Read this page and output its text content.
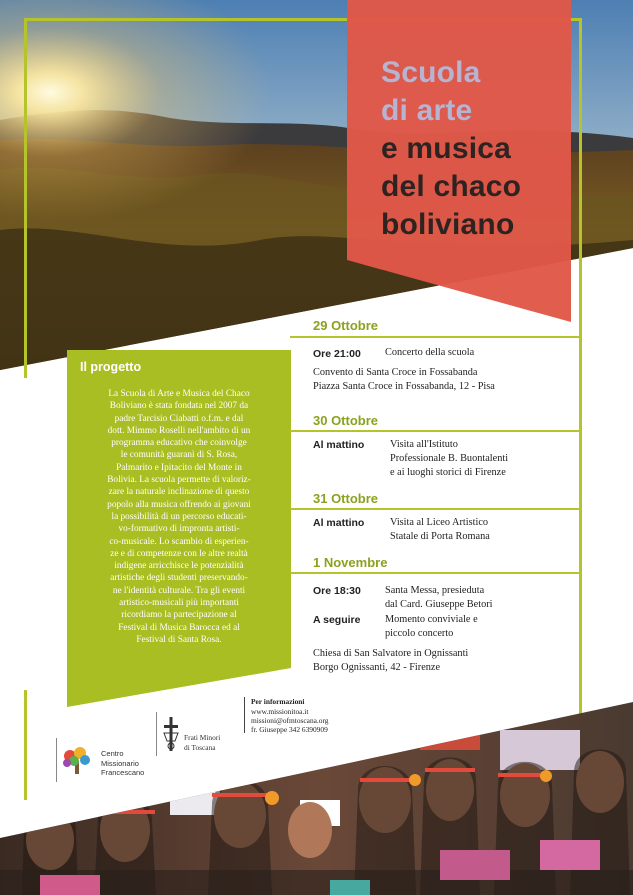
Scuola
di arte
e musica
del chaco
boliviano
Il progetto
La Scuola di Arte e Musica del Chaco
Boliviano è stata fondata nel 2007 da
padre Tarcisio Ciabatti o.f.m. e dal
dott. Mimmo Roselli nell'ambito di un
programma educativo che coinvolge
le comunità guaranì di S. Rosa,
Palmarito e Ipitacito del Monte in
Bolivia. La scuola permette di valoriz-
zare la naturale inclinazione di questo
popolo alla musica offrendo ai giovani
la possibilità di un percorso educati-
vo-formativo di impronta artisti-
co-musicale. Lo scambio di esperien-
ze e di competenze con le altre realtà
indigene arricchisce le potenzialità
artistiche degli studenti preservando-
ne l'identità culturale. Tra gli eventi
artistico-musicali più importanti
ricordiamo la partecipazione al
Festival di Musica Barocca ed al
Festival di Santa Rosa.
29 Ottobre
Ore 21:00 Concerto della scuola
Convento di Santa Croce in Fossabanda
Piazza Santa Croce in Fossabanda, 12 - Pisa
30 Ottobre
Al mattino Visita all'Istituto
Professionale B. Buontalenti
e ai luoghi storici di Firenze
31 Ottobre
Al mattino Visita al Liceo Artistico
Statale di Porta Romana
1 Novembre
Ore 18:30 Santa Messa, presieduta
dal Card. Giuseppe Betori
A seguire Momento conviviale e
piccolo concerto
Chiesa di San Salvatore in Ognissanti
Borgo Ognissanti, 42 - Firenze
Centro
Missionario
Francescano
Frati Minori
di Toscana
Per informazioni
www.missionitoa.it
missioni@ofmtoscana.org
fr. Giuseppe 342 6390909
